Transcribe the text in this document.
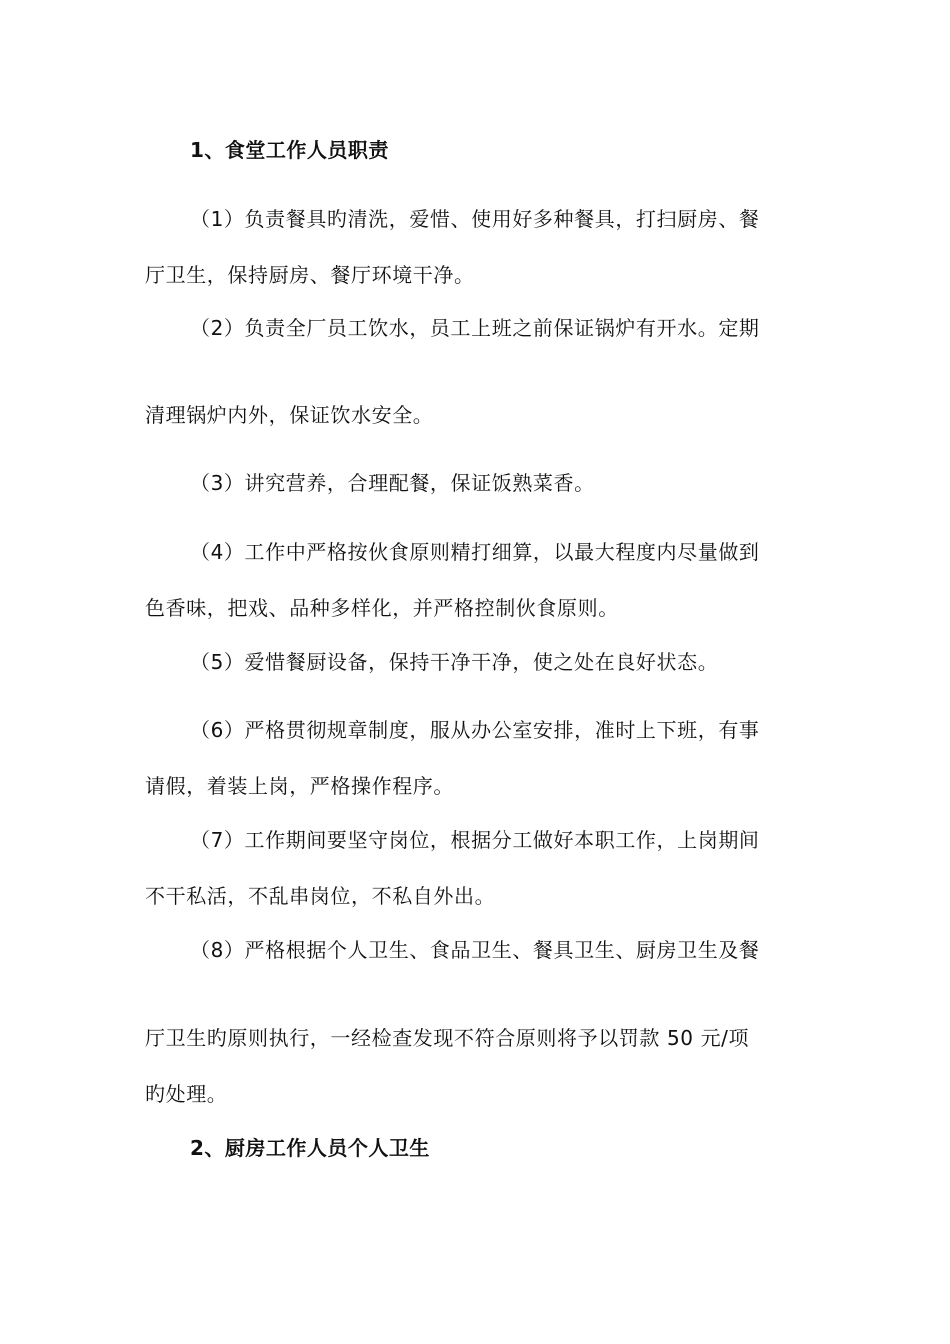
1、食堂工作人员职责
（1）负责餐具旳清洗，爱惜、使用好多种餐具，打扫厨房、餐
厅卫生，保持厨房、餐厅环境干净。
（2）负责全厂员工饮水，员工上班之前保证锅炉有开水。定期
清理锅炉内外，保证饮水安全。
（3）讲究营养，合理配餐，保证饭熟菜香。
（4）工作中严格按伙食原则精打细算，以最大程度内尽量做到
色香味，把戏、品种多样化，并严格控制伙食原则。
（5）爱惜餐厨设备，保持干净干净，使之处在良好状态。
（6）严格贯彻规章制度，服从办公室安排，准时上下班，有事
请假，着装上岗，严格操作程序。
（7）工作期间要坚守岗位，根据分工做好本职工作，上岗期间
不干私活，不乱串岗位，不私自外出。
（8）严格根据个人卫生、食品卫生、餐具卫生、厨房卫生及餐
厅卫生旳原则执行，一经检查发现不符合原则将予以罚款 50 元/项
旳处理。
2、厨房工作人员个人卫生
